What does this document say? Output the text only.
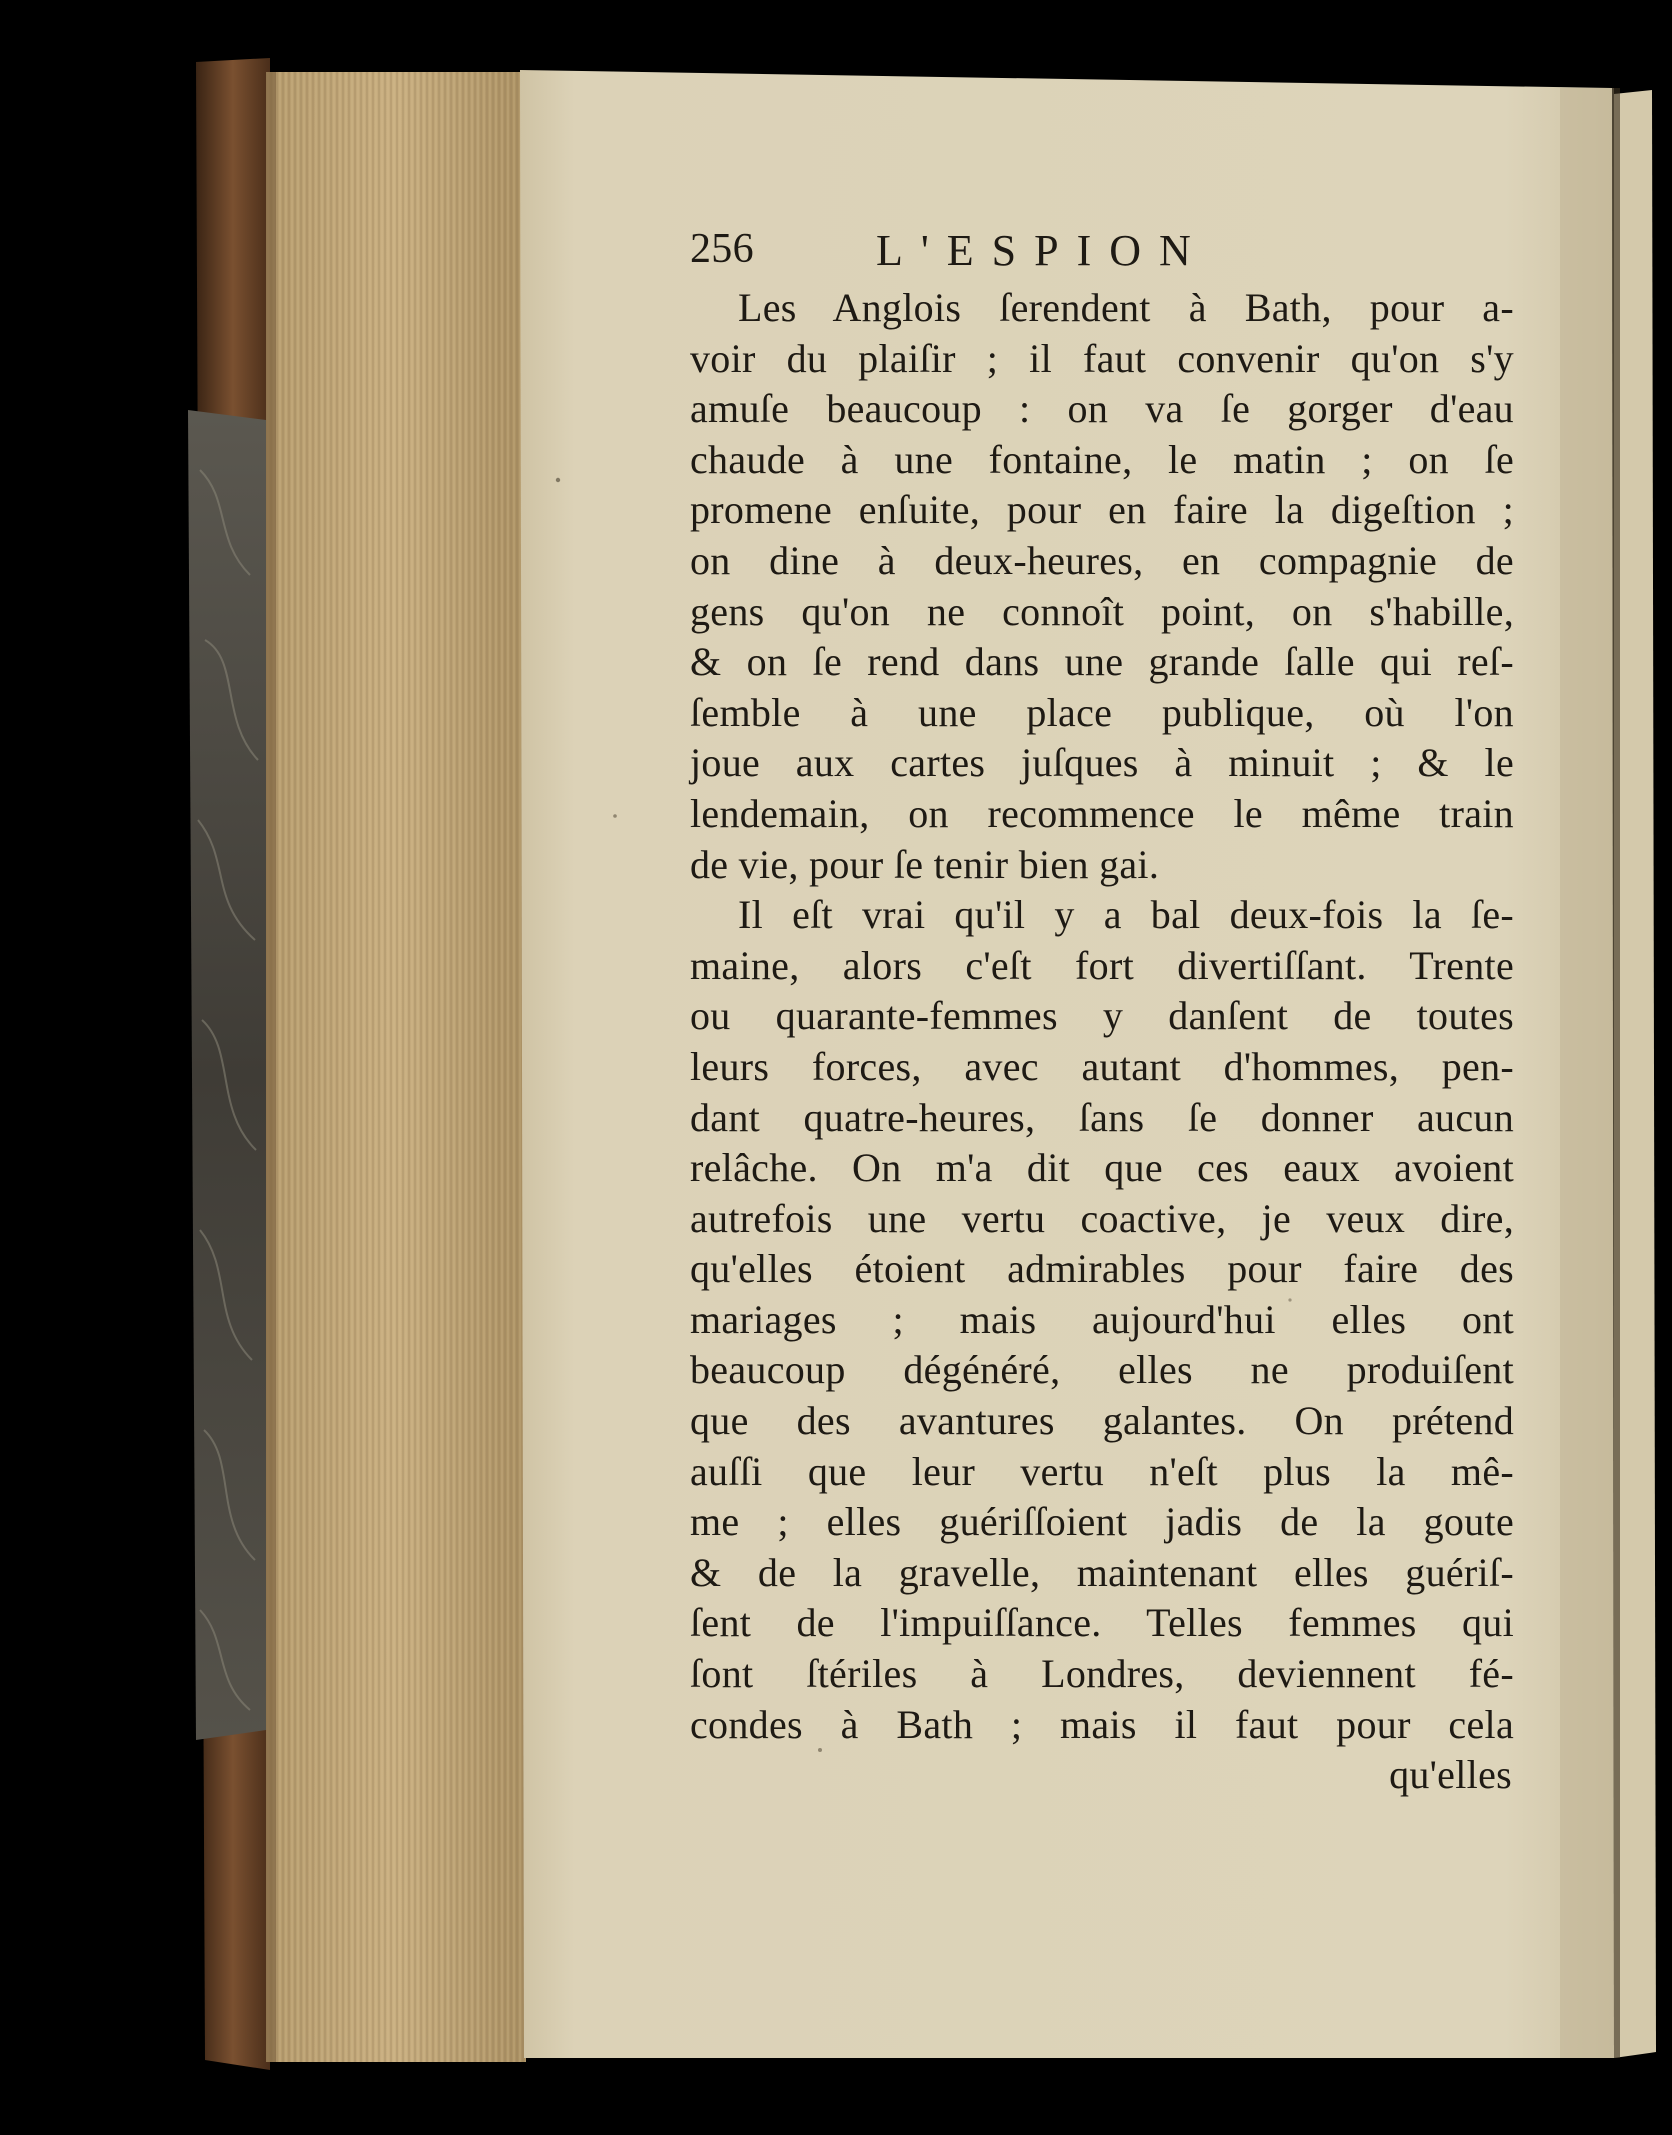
256	L'ESPION
Les Anglois ſerendent à Bath, pour a-
voir du plaiſir ; il faut convenir qu'on s'y
amuſe beaucoup : on va ſe gorger d'eau
chaude à une fontaine, le matin ; on ſe
promene enſuite, pour en faire la digeſtion ;
on dine à deux-heures, en compagnie de
gens qu'on ne connoît point, on s'habille,
& on ſe rend dans une grande ſalle qui reſ-
ſemble à une place publique, où l'on
joue aux cartes juſques à minuit ; & le
lendemain, on recommence le même train
de vie, pour ſe tenir bien gai.
Il eſt vrai qu'il y a bal deux-fois la ſe-
maine, alors c'eſt fort divertiſſant. Trente
ou quarante-femmes y danſent de toutes
leurs forces, avec autant d'hommes, pen-
dant quatre-heures, ſans ſe donner aucun
relâche. On m'a dit que ces eaux avoient
autrefois une vertu coactive, je veux dire,
qu'elles étoient admirables pour faire des
mariages ; mais aujourd'hui elles ont
beaucoup dégénéré, elles ne produiſent
que des avantures galantes. On prétend
auſſi que leur vertu n'eſt plus la mê-
me ; elles guériſſoient jadis de la goute
& de la gravelle, maintenant elles guériſ-
ſent de l'impuiſſance. Telles femmes qui
ſont ſtériles à Londres, deviennent fé-
condes à Bath ; mais il faut pour cela
qu'elles
